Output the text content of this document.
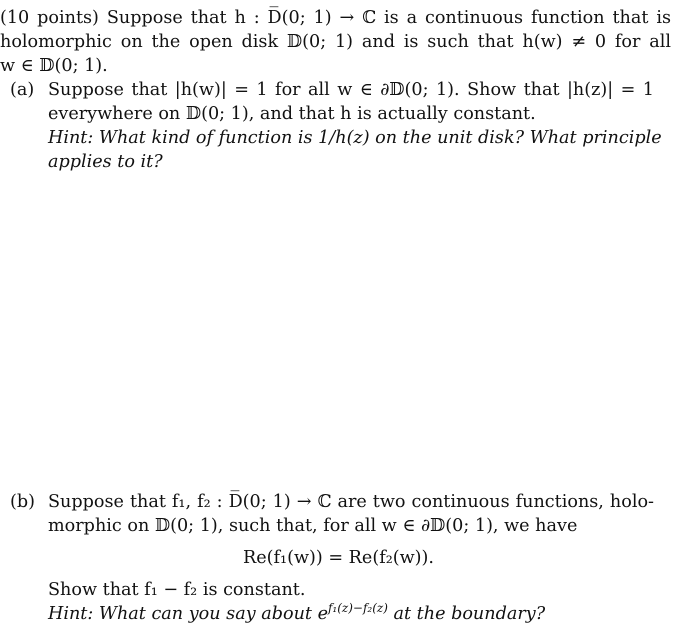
(10 points) Suppose that h : D̅(0; 1) → ℂ is a continuous function that is
holomorphic on the open disk 𝔻(0; 1) and is such that h(w) ≠ 0 for all
w ∈ 𝔻(0; 1).
(a) Suppose that |h(w)| = 1 for all w ∈ ∂𝔻(0; 1). Show that |h(z)| = 1
everywhere on 𝔻(0; 1), and that h is actually constant.
Hint: What kind of function is 1/h(z) on the unit disk? What principle
applies to it?
(b) Suppose that f₁, f₂ : D̅(0; 1) → ℂ are two continuous functions, holo-
morphic on 𝔻(0; 1), such that, for all w ∈ ∂𝔻(0; 1), we have
Re(f₁(w)) = Re(f₂(w)).
Show that f₁ − f₂ is constant.
Hint: What can you say about $e^{f_1(z)-f_2(z)}$ at the boundary?
